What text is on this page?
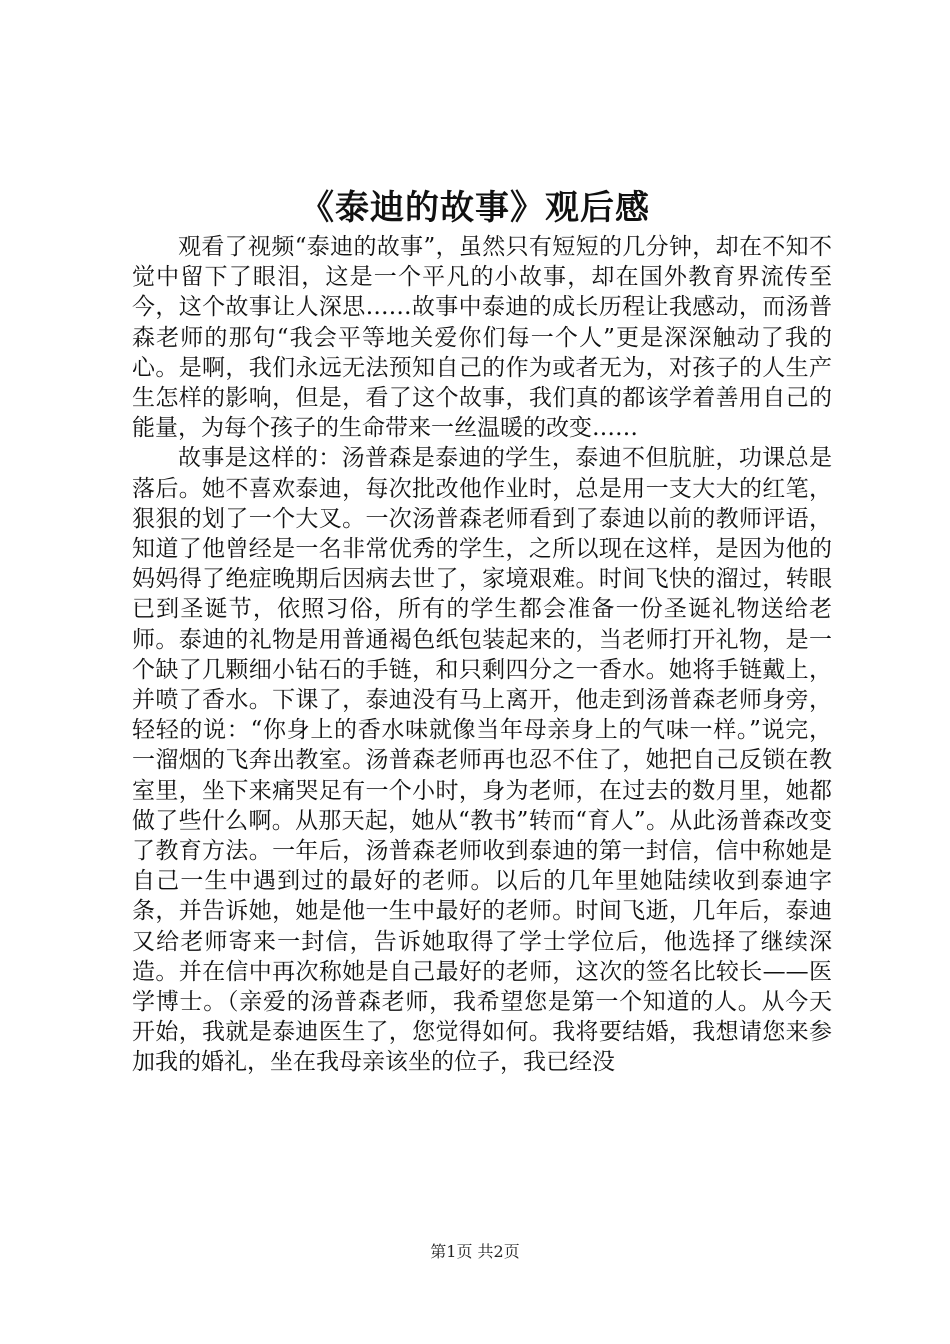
《泰迪的故事》观后感

观看了视频“泰迪的故事”，虽然只有短短的几分钟，却在不知不觉中留下了眼泪，这是一个平凡的小故事，却在国外教育界流传至今，这个故事让人深思……故事中泰迪的成长历程让我感动，而汤普森老师的那句“我会平等地关爱你们每一个人”更是深深触动了我的心。是啊，我们永远无法预知自己的作为或者无为，对孩子的人生产生怎样的影响，但是，看了这个故事，我们真的都该学着善用自己的能量，为每个孩子的生命带来一丝温暖的改变……

故事是这样的：汤普森是泰迪的学生，泰迪不但肮脏，功课总是落后。她不喜欢泰迪，每次批改他作业时，总是用一支大大的红笔，狠狠的划了一个大叉。一次汤普森老师看到了泰迪以前的教师评语，知道了他曾经是一名非常优秀的学生，之所以现在这样，是因为他的妈妈得了绝症晚期后因病去世了，家境艰难。时间飞快的溜过，转眼已到圣诞节，依照习俗，所有的学生都会准备一份圣诞礼物送给老师。泰迪的礼物是用普通褐色纸包装起来的，当老师打开礼物，是一个缺了几颗细小钻石的手链，和只剩四分之一香水。她将手链戴上，并喷了香水。下课了，泰迪没有马上离开，他走到汤普森老师身旁，轻轻的说：“你身上的香水味就像当年母亲身上的气味一样。”说完，一溜烟的飞奔出教室。汤普森老师再也忍不住了，她把自己反锁在教室里，坐下来痛哭足有一个小时，身为老师，在过去的数月里，她都做了些什么啊。从那天起，她从“教书”转而“育人”。从此汤普森改变了教育方法。一年后，汤普森老师收到泰迪的第一封信，信中称她是自己一生中遇到过的最好的老师。以后的几年里她陆续收到泰迪字条，并告诉她，她是他一生中最好的老师。时间飞逝，几年后，泰迪又给老师寄来一封信，告诉她取得了学士学位后，他选择了继续深造。并在信中再次称她是自己最好的老师，这次的签名比较长——医学博士。（亲爱的汤普森老师，我希望您是第一个知道的人。从今天开始，我就是泰迪医生了，您觉得如何。我将要结婚，我想请您来参加我的婚礼，坐在我母亲该坐的位子，我已经没

第1页 共2页
